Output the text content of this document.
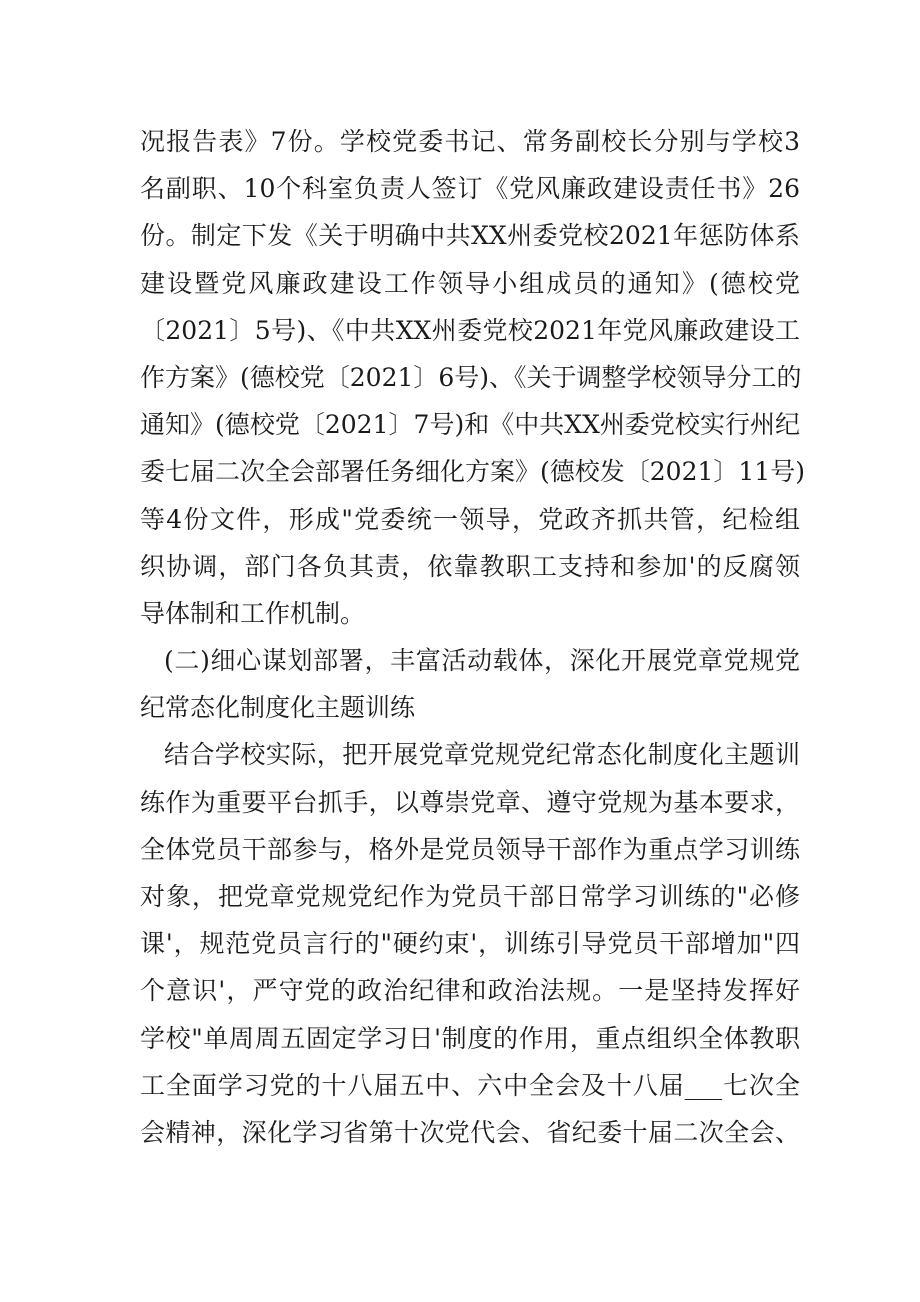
况报告表》7份。学校党委书记、常务副校长分别与学校3
名副职、10个科室负责人签订《党风廉政建设责任书》26
份。制定下发《关于明确中共XX州委党校2021年惩防体系
建设暨党风廉政建设工作领导小组成员的通知》(德校党
〔2021〕5号)、《中共XX州委党校2021年党风廉政建设工
作方案》(德校党〔2021〕6号)、《关于调整学校领导分工的
通知》(德校党〔2021〕7号)和《中共XX州委党校实行州纪
委七届二次全会部署任务细化方案》(德校发〔2021〕11号)
等4份文件，形成"党委统一领导，党政齐抓共管，纪检组
织协调，部门各负其责，依靠教职工支持和参加'的反腐领
导体制和工作机制。
(二)细心谋划部署，丰富活动载体，深化开展党章党规党
纪常态化制度化主题训练
结合学校实际，把开展党章党规党纪常态化制度化主题训
练作为重要平台抓手，以尊崇党章、遵守党规为基本要求，
全体党员干部参与，格外是党员领导干部作为重点学习训练
对象，把党章党规党纪作为党员干部日常学习训练的"必修
课'，规范党员言行的"硬约束'，训练引导党员干部增加"四
个意识'，严守党的政治纪律和政治法规。一是坚持发挥好
学校"单周周五固定学习日'制度的作用，重点组织全体教职
工全面学习党的十八届五中、六中全会及十八届___七次全
会精神，深化学习省第十次党代会、省纪委十届二次全会、
